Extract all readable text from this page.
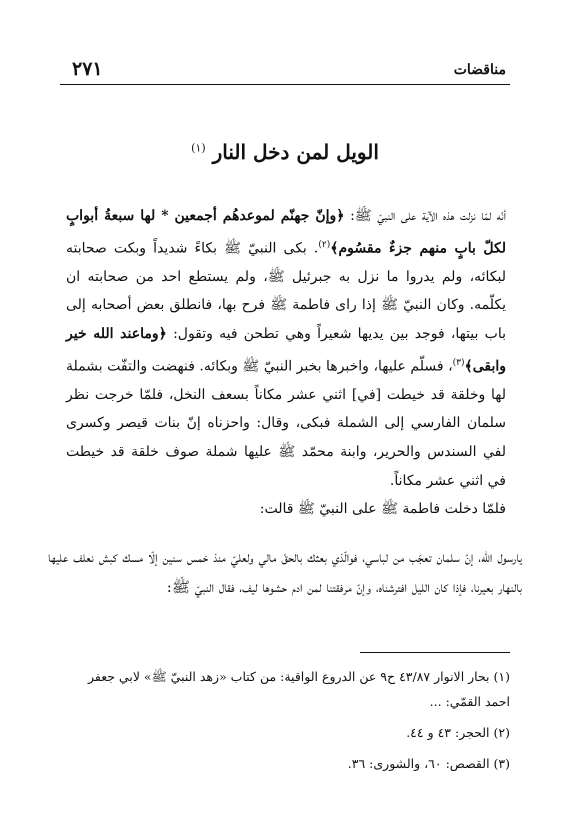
مناقضات
٢٧١
الويل لمن دخل النار $^{(١)}$

أنّه لمّا نزلت هذه الآية على النبيّ ﷺ: ﴿وإنّ جهنّم لموعدهُم أجمعين * لها سبعةُ أبوابٍ لكلّ بابٍ منهم جزءٌ مقسُوم﴾$^{(٢)}$. بكى النبيّ ﷺ بكاءً شديداً وبكت صحابته لبكائه، ولم يدروا ما نزل به جبرئيل ﷺ، ولم يستطع احد من صحابته ان يكلّمه. وكان النبيّ ﷺ إذا راى فاطمة ﷺ فرح بها، فانطلق بعض أصحابه إلى باب بيتها، فوجد بين يديها شعيراً وهي تطحن فيه وتقول: ﴿وماعند الله خير وابقى﴾$^{(٣)}$، فسلّم عليها، واخبرها بخبر النبيّ ﷺ وبكائه. فنهضت والتفّت بشملة لها وخلقة قد خيطت [في] اثني عشر مكاناً بسعف النخل، فلمّا خرجت نظر سلمان الفارسي إلى الشملة فبكى، وقال: واحزناه إنّ بنات قيصر وكسرى لفي السندس والحرير، وابنة محمّد ﷺ عليها شملة صوف خلقة قد خيطت في اثني عشر مكاناً.

فلمّا دخلت فاطمة ﷺ على النبيّ ﷺ قالت:

يارسول الله، إنّ سلمان تعجّب من لباسي، فوالّذي بعثك بالحقّ مالي ولعليّ منذ خمس سنين إلّا مسك كبش نعلف عليها بالنهار بعيرنا، فإذا كان الليل افترشناه، وإنّ مرفقتنا لمن ادم حشوها ليف، فقال النبيّ ﷺ:

(١) بحار الانوار ٤٣/٨٧ ح٩ عن الدروع الواقية: من كتاب «زهد النبيّ ﷺ» لابي جعفر احمد القمّي: ...

(٢) الحجر: ٤٣ و ٤٤.

(٣) القصص: ٦٠، والشورى: ٣٦.
